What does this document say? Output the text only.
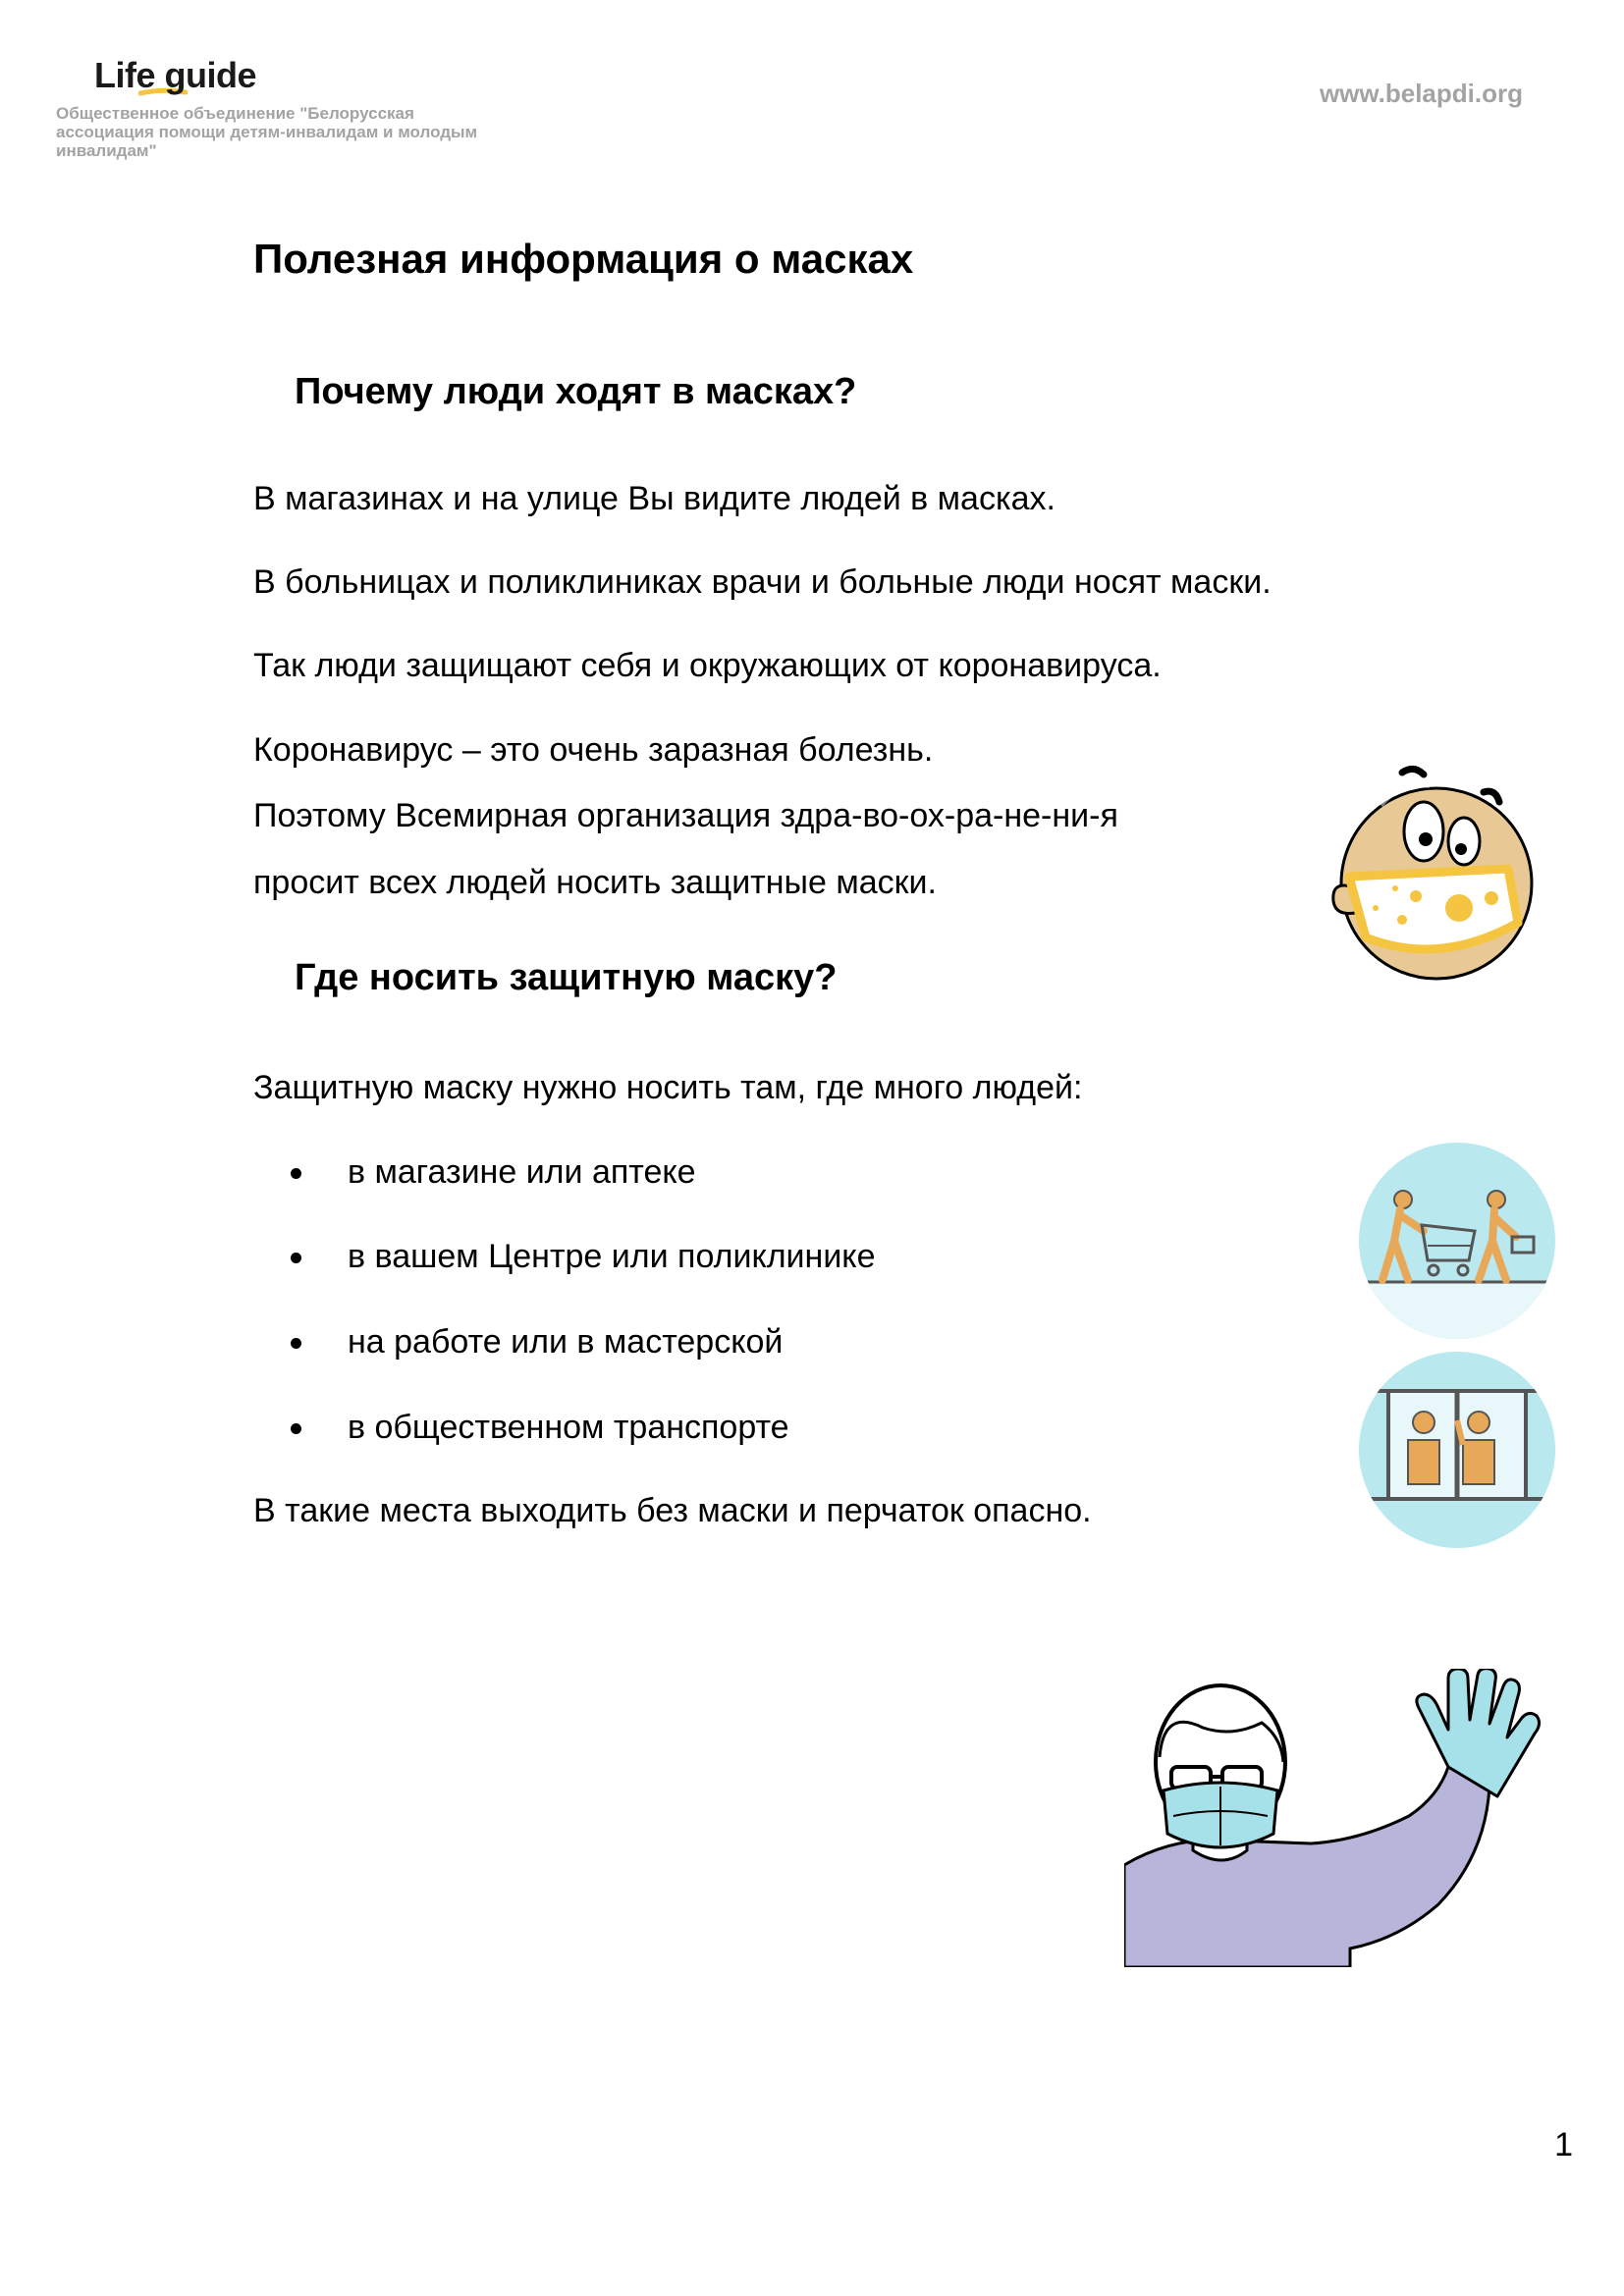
Life guide
Общественное объединение "Белорусская ассоциация помощи детям-инвалидам и молодым инвалидам"
www.belapdi.org
Полезная информация о масках
Почему люди ходят в масках?

В магазинах и на улице Вы видите людей в масках.

В больницах и поликлиниках врачи и больные люди носят маски.

Так люди защищают себя и окружающих от коронавируса.

Коронавирус – это очень заразная болезнь.

Поэтому Всемирная организация здра-во-ох-ра-не-ни-я

просит всех людей носить защитные маски.

Где носить защитную маску?

Защитную маску нужно носить там, где много людей:

в магазине или аптеке
в вашем Центре или поликлинике
на работе или в мастерской
в общественном транспорте

В такие места выходить без маски и перчаток опасно.

1
